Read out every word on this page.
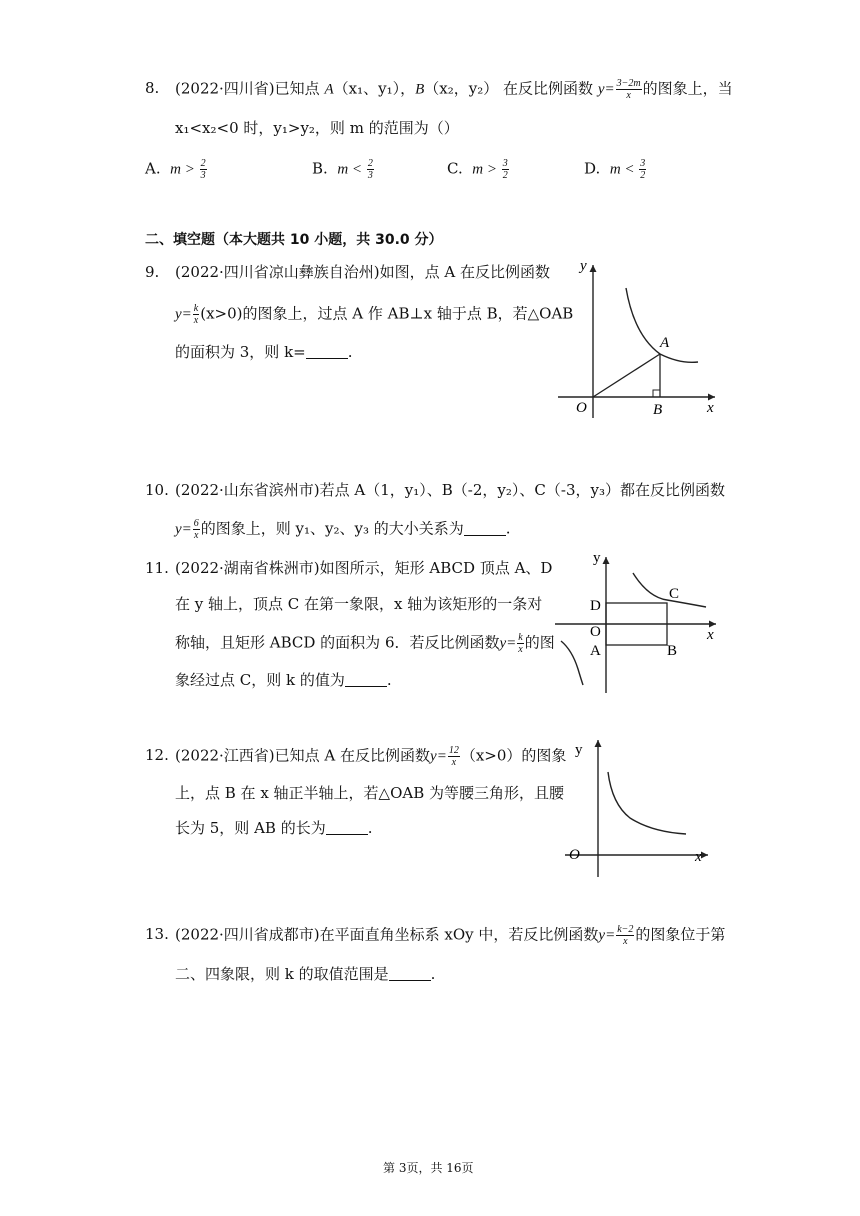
8. (2022·四川省)已知点 A（x₁、y₁），B（x₂，y₂） 在反比例函数 $y= \frac{3-2m}{x}$ 的图象上，当
x₁<x₂<0 时，y₁>y₂，则 m 的范围为（）
A. $m > \frac{2}{3}$	B. $m < \frac{2}{3}$	C. $m > \frac{3}{2}$	D. $m < \frac{3}{2}$
二、填空题（本大题共 10 小题，共 30.0 分）
9. (2022·四川省凉山彝族自治州)如图，点 A 在反比例函数
$y= \frac{k}{x} (x>0)$的图象上，过点 A 作 AB⊥x 轴于点 B，若△OAB
的面积为 3，则 k=	.
y
x
O
A
B
10. (2022·山东省滨州市)若点 A（1，y₁）、B（-2，y₂）、C（-3，y₃）都在反比例函数
$y= \frac{6}{x}$ 的图象上，则 y₁、y₂、y₃ 的大小关系为	.
11. (2022·湖南省株洲市)如图所示，矩形 ABCD 顶点 A、D
在 y 轴上，顶点 C 在第一象限，x 轴为该矩形的一条对
称轴，且矩形 ABCD 的面积为 6．若反比例函数$y= \frac{k}{x}$ 的图
象经过点 C，则 k 的值为	.
y
x
O
D
A	B
C
12. (2022·江西省)已知点 A 在反比例函数$y= \frac{12}{x} (x>0)$的图象
上，点 B 在 x 轴正半轴上，若△OAB 为等腰三角形，且腰
长为 5，则 AB 的长为	.
y
x
O
13. (2022·四川省成都市)在平面直角坐标系 xOy 中，若反比例函数$y= \frac{k-2}{x}$ 的图象位于第
二、四象限，则 k 的取值范围是	.
第 3页，共 16页
